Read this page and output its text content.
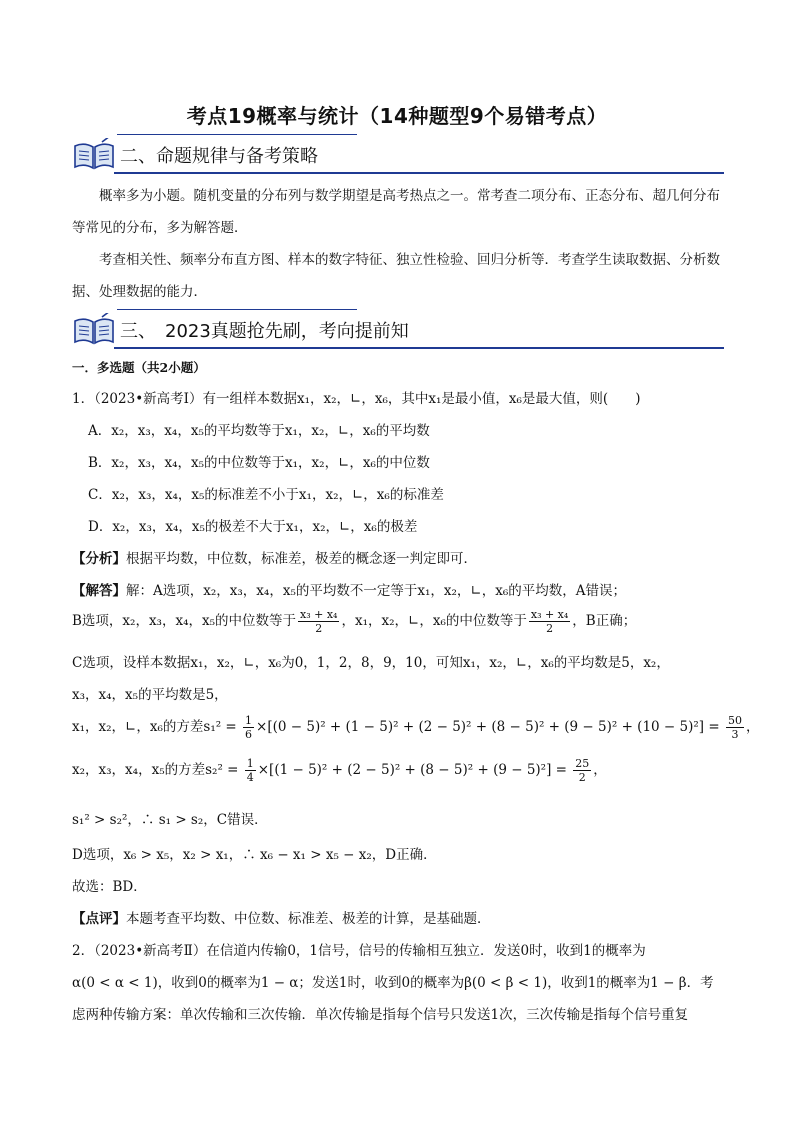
考点19概率与统计（14种题型9个易错考点）
二、命题规律与备考策略
概率多为小题。随机变量的分布列与数学期望是高考热点之一。常考查二项分布、正态分布、超几何分布等常见的分布，多为解答题．
考查相关性、频率分布直方图、样本的数字特征、独立性检验、回归分析等．考查学生读取数据、分析数据、处理数据的能力．
三、　2023真题抢先刷，考向提前知
一．多选题（共2小题）
1．（2023•新高考Ⅰ）有一组样本数据x₁，x₂，∟，x₆，其中x₁是最小值，x₆是最大值，则(　　)
A．x₂，x₃，x₄，x₅的平均数等于x₁，x₂，∟，x₆的平均数
B．x₂，x₃，x₄，x₅的中位数等于x₁，x₂，∟，x₆的中位数
C．x₂，x₃，x₄，x₅的标准差不小于x₁，x₂，∟，x₆的标准差
D．x₂，x₃，x₄，x₅的极差不大于x₁，x₂，∟，x₆的极差
【分析】根据平均数，中位数，标准差，极差的概念逐一判定即可．
【解答】解：A选项，x₂，x₃，x₄，x₅的平均数不一定等于x₁，x₂，∟，x₆的平均数，A错误；
B选项，x₂，x₃，x₄，x₅的中位数等于 $\frac{\text{x₃ + x₄}}{2}$ ，x₁，x₂，∟，x₆的中位数等于 $\frac{\text{x₃ + x₄}}{2}$ ，B正确；
C选项，设样本数据x₁，x₂，∟，x₆为0，1，2，8，9，10，可知x₁，x₂，∟，x₆的平均数是5，x₂，
x₃，x₄，x₅的平均数是5，
x₁，x₂，∟，x₆的方差$s_1^2 = \frac{1}{6} \times[(0 - 5)^2 + (1 - 5)^2 + (2 - 5)^2 + (8 - 5)^2 + (9 - 5)^2 + (10 - 5)^2] = \frac{50}{3}$ ，
x₂，x₃，x₄，x₅的方差$s_2^2 = \frac{1}{4} \times[(1 - 5)^2 + (2 - 5)^2 + (8 - 5)^2 + (9 - 5)^2] = \frac{25}{2}$ ，
s₁² > s₂²，∴ s₁ > s₂，C错误．
D选项，x₆ > x₅，x₂ > x₁，∴ x₆ − x₁ > x₅ − x₂，D正确．
故选：BD．
【点评】本题考查平均数、中位数、标准差、极差的计算，是基础题．
2．（2023•新高考Ⅱ）在信道内传输0，1信号，信号的传输相互独立．发送0时，收到1的概率为
α(0 < α < 1)，收到0的概率为1 − α；发送1时，收到0的概率为β(0 < β < 1)，收到1的概率为1 − β．考
虑两种传输方案：单次传输和三次传输．单次传输是指每个信号只发送1次，三次传输是指每个信号重复
